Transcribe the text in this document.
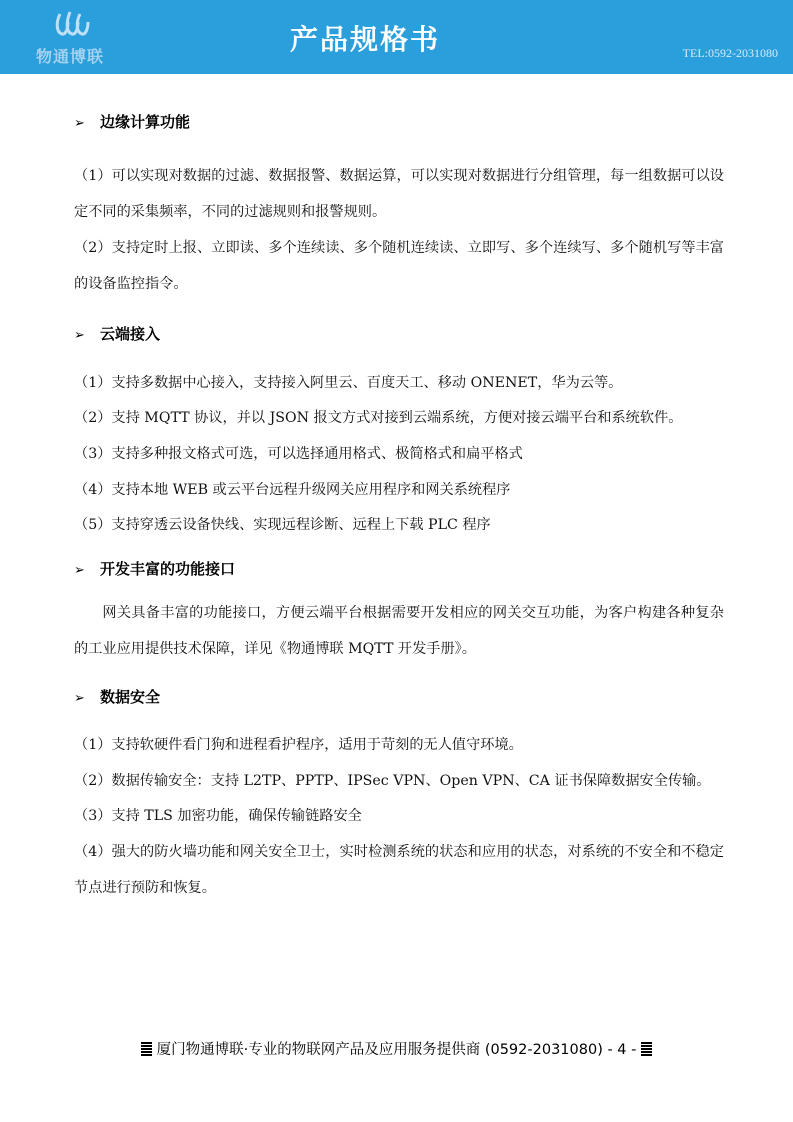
物通博联
产品规格书	TEL:0592-2031080
➢ 边缘计算功能
（1）可以实现对数据的过滤、数据报警、数据运算，可以实现对数据进行分组管理，每一组数据可以设定不同的采集频率，不同的过滤规则和报警规则。
（2）支持定时上报、立即读、多个连续读、多个随机连续读、立即写、多个连续写、多个随机写等丰富的设备监控指令。
➢ 云端接入
（1）支持多数据中心接入，支持接入阿里云、百度天工、移动 ONENET，华为云等。
（2）支持 MQTT 协议，并以 JSON 报文方式对接到云端系统，方便对接云端平台和系统软件。
（3）支持多种报文格式可选，可以选择通用格式、极简格式和扁平格式
（4）支持本地 WEB 或云平台远程升级网关应用程序和网关系统程序
（5）支持穿透云设备快线、实现远程诊断、远程上下载 PLC 程序
➢ 开发丰富的功能接口
网关具备丰富的功能接口，方便云端平台根据需要开发相应的网关交互功能，为客户构建各种复杂的工业应用提供技术保障，详见《物通博联 MQTT 开发手册》。
➢ 数据安全
（1）支持软硬件看门狗和进程看护程序，适用于苛刻的无人值守环境。
（2）数据传输安全：支持 L2TP、PPTP、IPSec VPN、Open VPN、CA 证书保障数据安全传输。
（3）支持 TLS 加密功能，确保传输链路安全
（4）强大的防火墙功能和网关安全卫士，实时检测系统的状态和应用的状态，对系统的不安全和不稳定节点进行预防和恢复。
厦门物通博联·专业的物联网产品及应用服务提供商 (0592-2031080) - 4 -
